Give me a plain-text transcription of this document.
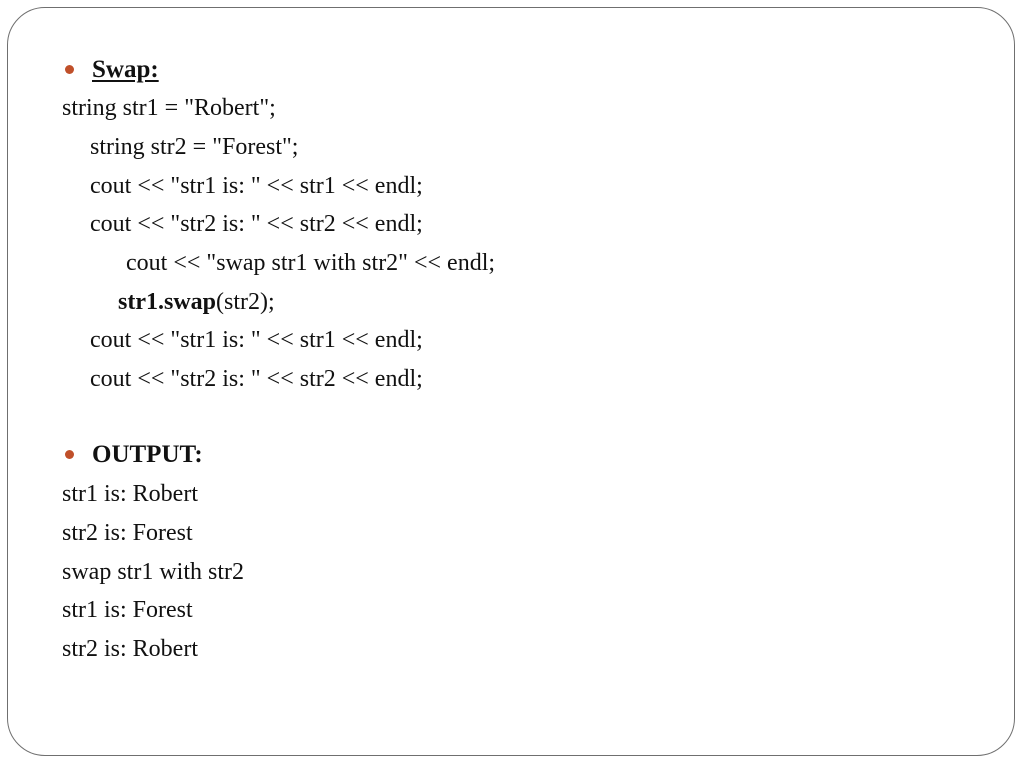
Swap:
string str1 = "Robert";
string str2 = "Forest";
cout << "str1 is: " << str1 << endl;
cout << "str2 is: " << str2 << endl;
cout << "swap str1 with str2" << endl;
str1.swap(str2);
cout << "str1 is: " << str1 << endl;
cout << "str2 is: " << str2 << endl;
OUTPUT:
str1 is: Robert
str2 is: Forest
swap str1 with str2
str1 is: Forest
str2 is: Robert
